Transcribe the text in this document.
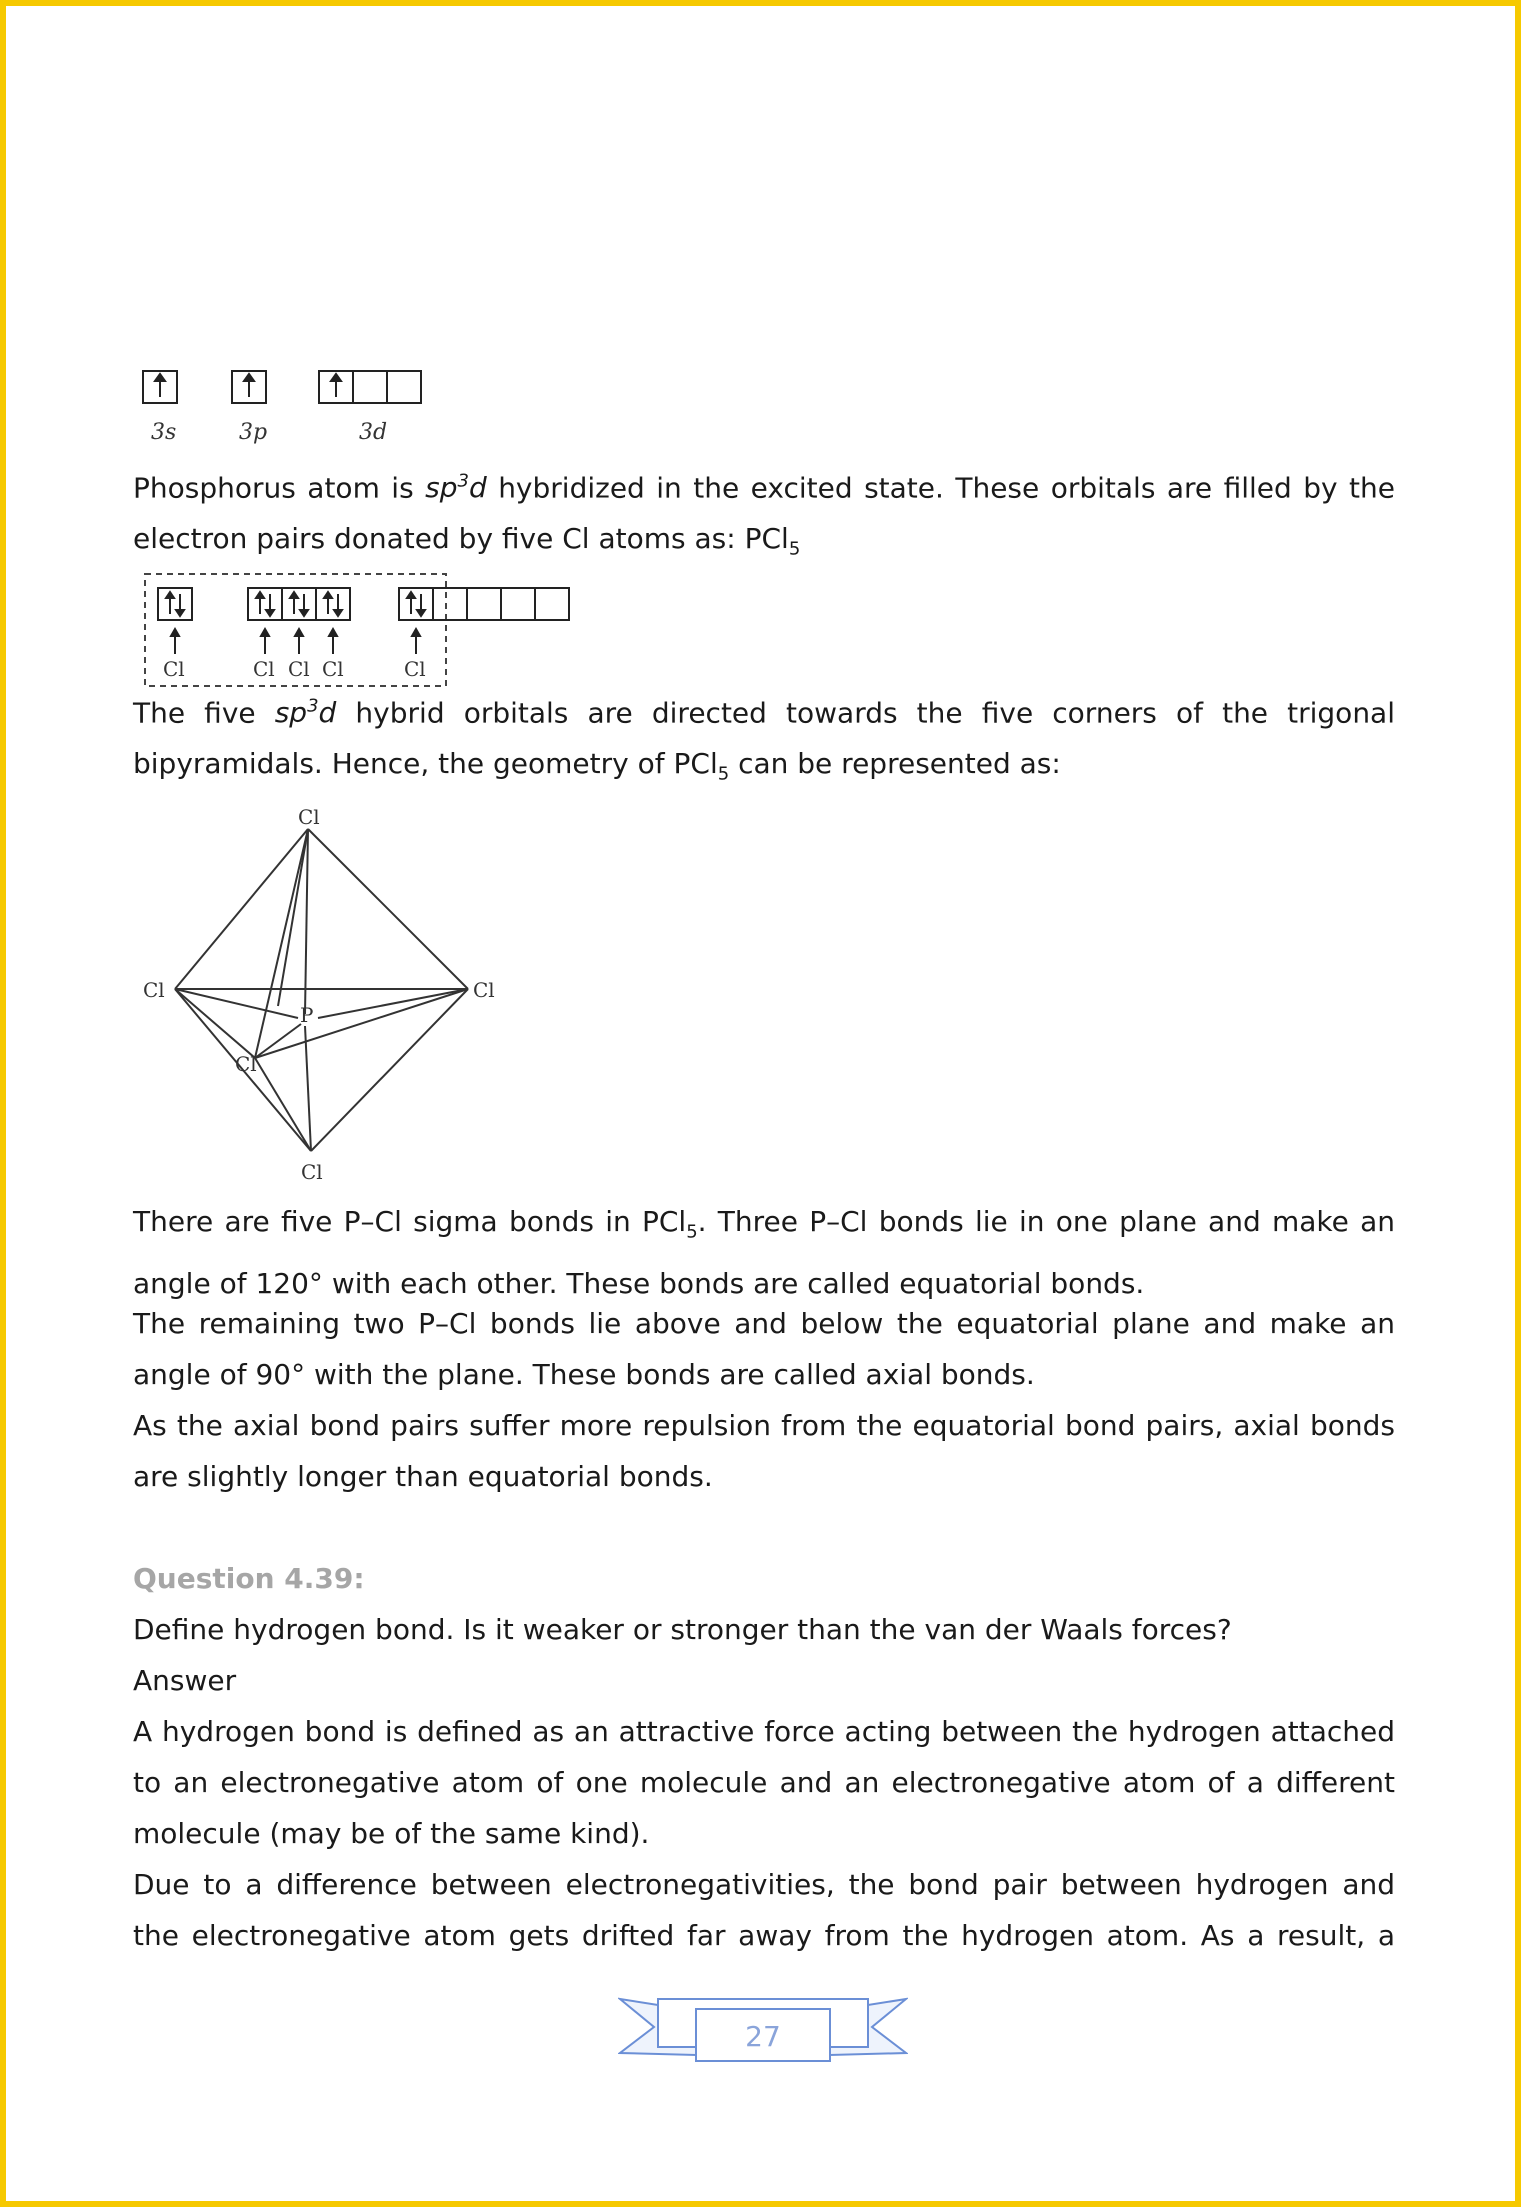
3s	3p	3d

Phosphorus atom is $sp^3d$ hybridized in the excited state. These orbitals are filled by the electron pairs donated by five Cl atoms as: PCl$_5$

Cl	Cl Cl Cl	Cl

The five $sp^3d$ hybrid orbitals are directed towards the five corners of the trigonal bipyramidals. Hence, the geometry of PCl$_5$ can be represented as:

Cl
Cl	Cl
Cl
Cl
P

There are five P–Cl sigma bonds in PCl$_5$. Three P–Cl bonds lie in one plane and make an angle of 120° with each other. These bonds are called equatorial bonds.

The remaining two P–Cl bonds lie above and below the equatorial plane and make an angle of 90° with the plane. These bonds are called axial bonds.

As the axial bond pairs suffer more repulsion from the equatorial bond pairs, axial bonds are slightly longer than equatorial bonds.

Question 4.39:

Define hydrogen bond. Is it weaker or stronger than the van der Waals forces?

Answer

A hydrogen bond is defined as an attractive force acting between the hydrogen attached to an electronegative atom of one molecule and an electronegative atom of a different molecule (may be of the same kind).

Due to a difference between electronegativities, the bond pair between hydrogen and the electronegative atom gets drifted far away from the hydrogen atom. As a result, a

27
